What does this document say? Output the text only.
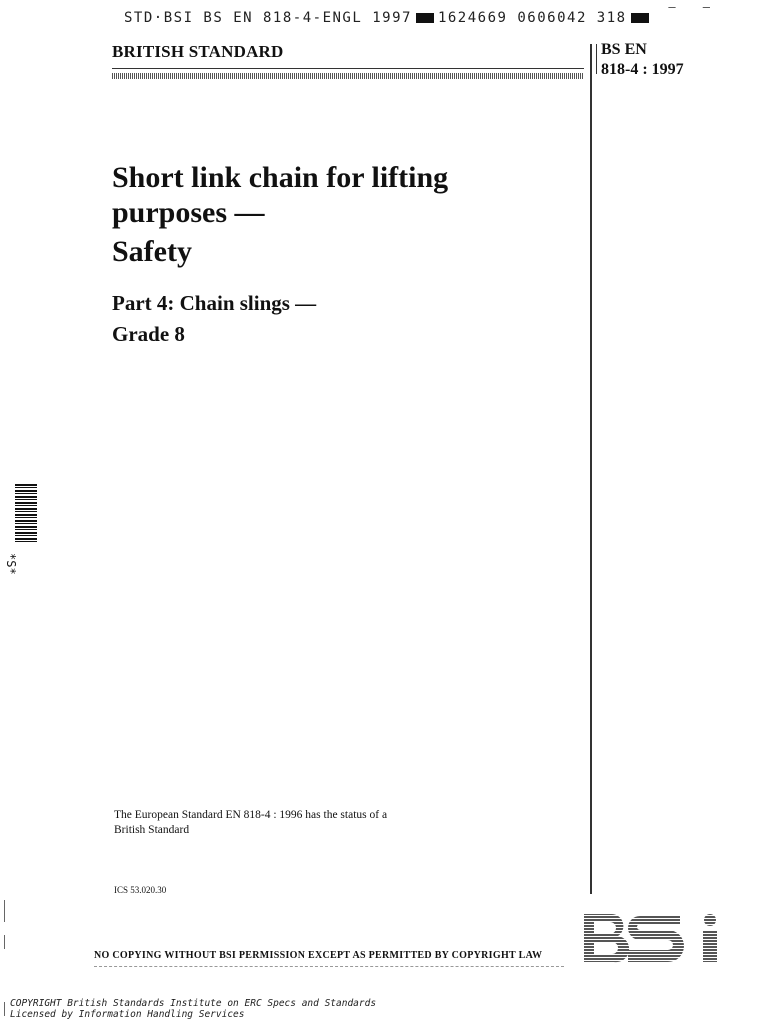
STD·BSI BS EN 818-4-ENGL 1997 1624669 0606042 318
— —
BRITISH STANDARD	BS EN
818-4 : 1997
Short link chain for lifting
purposes —
Safety
Part 4: Chain slings —
Grade 8
*S*
The European Standard EN 818-4 : 1996 has the status of a
British Standard
ICS 53.020.30
NO COPYING WITHOUT BSI PERMISSION EXCEPT AS PERMITTED BY COPYRIGHT LAW
BSI
COPYRIGHT British Standards Institute on ERC Specs and Standards
Licensed by Information Handling Services
